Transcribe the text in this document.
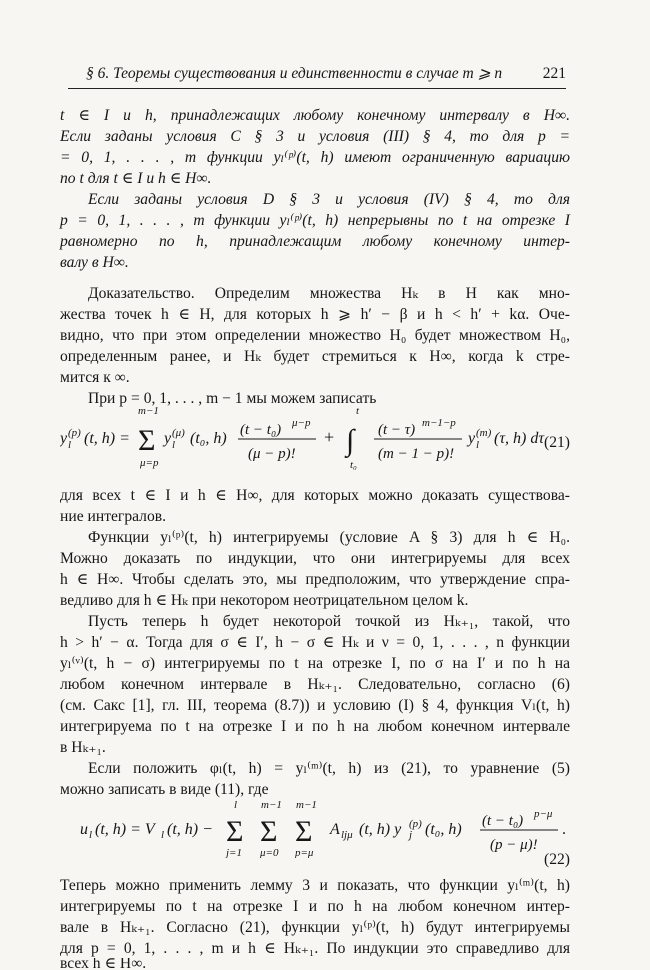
§ 6. Теоремы существования и единственности в случае m ⩾ n	221
t ∈ I и h, принадлежащих любому конечному интервалу в H∞.
Если заданы условия C § 3 и условия (III) § 4, то для p =
= 0, 1, . . . , m функции yₗ⁽ᵖ⁾(t, h) имеют ограниченную вариацию
по t для t ∈ I и h ∈ H∞.
Если заданы условия D § 3 и условия (IV) § 4, то для
p = 0, 1, . . . , m функции yₗ⁽ᵖ⁾(t, h) непрерывны по t на отрезке I
равномерно по h, принадлежащим любому конечному интер-
валу в H∞.
Доказательство. Определим множества Hₖ в H как мно-
жества точек h ∈ H, для которых h ⩾ h′ − β и h < h′ + kα. Оче-
видно, что при этом определении множество H₀ будет множеством H₀,
определенным ранее, и Hₖ будет стремиться к H∞, когда k стре-
мится к ∞.
При p = 0, 1, . . . , m − 1 мы можем записать
y (p)
l (t, h) =
m−1
Σ
μ=p
y (μ)
l (t₀, h) (t − t₀) μ−p
(μ − p)!
+ ∫
t
t₀
(t − τ) m−1−p
(m − 1 − p)!
y (m)
l (τ, h) dτ (21)
для всех t ∈ I и h ∈ H∞, для которых можно доказать существова-
ние интегралов.
Функции yₗ⁽ᵖ⁾(t, h) интегрируемы (условие A § 3) для h ∈ H₀.
Можно доказать по индукции, что они интегрируемы для всех
h ∈ H∞. Чтобы сделать это, мы предположим, что утверждение спра-
ведливо для h ∈ Hₖ при некотором неотрицательном целом k.
Пусть теперь h будет некоторой точкой из Hₖ₊₁, такой, что
h > h′ − α. Тогда для σ ∈ I′, h − σ ∈ Hₖ и ν = 0, 1, . . . , n функции
yₗ⁽ᵛ⁾(t, h − σ) интегрируемы по t на отрезке I, по σ на I′ и по h на
любом конечном интервале в Hₖ₊₁. Следовательно, согласно (6)
(см. Сакс [1], гл. III, теорема (8.7)) и условию (I) § 4, функция Vₗ(t, h)
интегрируема по t на отрезке I и по h на любом конечном интервале
в Hₖ₊₁.
Если положить φₗ(t, h) = yₗ⁽ᵐ⁾(t, h) из (21), то уравнение (5)
можно записать в виде (11), где
u l (t, h) = V l (t, h) −
l
Σ
j=1
m−1
Σ
μ=0
m−1
Σ
p=μ
A ljμ (t, h) y (p)
j (t₀, h) (t − t₀) p−μ
(p − μ)!
.
(22)
Теперь можно применить лемму 3 и показать, что функции yₗ⁽ᵐ⁾(t, h)
интегрируемы по t на отрезке I и по h на любом конечном интер-
вале в Hₖ₊₁. Согласно (21), функции yₗ⁽ᵖ⁾(t, h) будут интегрируемы
для p = 0, 1, . . . , m и h ∈ Hₖ₊₁. По индукции это справедливо для
всех h ∈ H∞.
